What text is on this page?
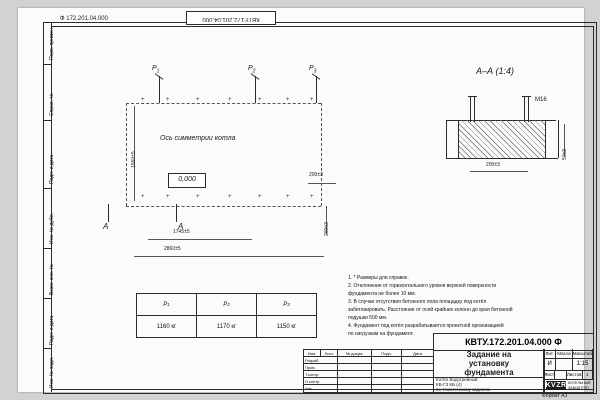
Ф 172.201.04.000	КВТУ.172.201.04.000
Перв. примен.
Справ. №
Подп. и дата
Инв. № дубл.
Взам. инв. №
Подп. и дата
Инв. № подл.
+	+	+	+	+	+	+
+	+	+	+	+	+	+
$Р_1$	$Р_2$	$Р_3$
Ось симметрии котла
0,000
1560±5
A	A
1745±5
2860±5
200±3
200±3
А–А (1:4)
М16
200±3
50±3
Р 1	Р 2	Р 3
1160 кг	1170 кг	1150 кг
1. * Размеры для справок.
2. Отклонение от горизонтального уровня верхней поверхности
фундамента не более 10 мм.
3. В случае отсутствия бетонного пола площадку под котёл
забетонировать. Расстояние от осей крайних колонн до края бетонной
подушки 500 мм.
4. Фундамент под котёл разрабатывается проектной организацией
по нагрузкам на фундамент.
КВТУ.172.201.04.000 Ф
Задание на
установку
фундамента
Лит. Масса Масштаб
И	1:15
Лист	Листов 1
KVZR КОТЕЛЬНЫЙ
ЗАВОД РЭП
Котёл Водогрейный
КВ-ГЗ КБ (4)
по техническому заданию
Изм.	Лист	№ докум.	Подп.	Дата
Разраб.
Пров.
Т.контр.
Н.контр.
Утв.
Формат А3
